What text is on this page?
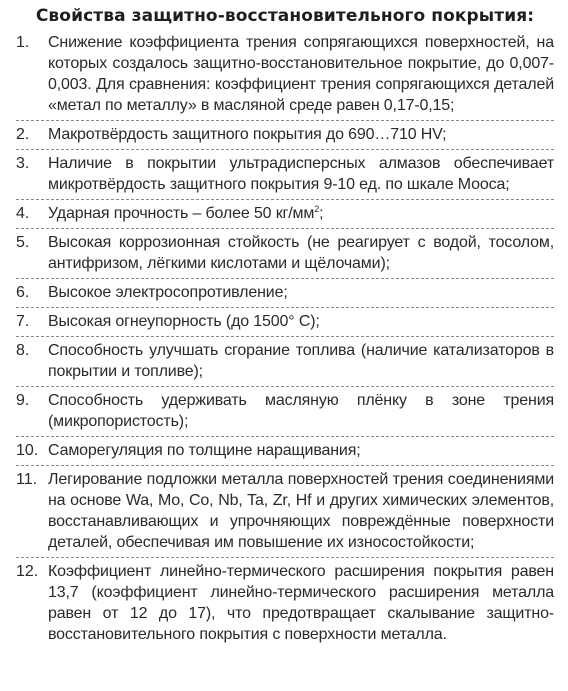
Свойства защитно-восстановительного покрытия:
1.	Снижение коэффициента трения сопрягающихся поверхностей, на которых создалось защитно-восстановительное покрытие, до 0,007-0,003. Для сравнения: коэффициент трения сопрягающихся деталей «метал по металлу» в масляной среде равен 0,17-0,15;
2.	Макротвёрдость защитного покрытия до 690…710 HV;
3.	Наличие в покрытии ультрадисперсных алмазов обеспечивает микротвёрдость защитного покрытия 9-10 ед. по шкале Мооса;
4.	Ударная прочность – более 50 $кг/мм^2$;
5.	Высокая коррозионная стойкость (не реагирует с водой, тосолом, антифризом, лёгкими кислотами и щёлочами);
6.	Высокое электросопротивление;
7.	Высокая огнеупорность (до 1500° С);
8.	Способность улучшать сгорание топлива (наличие катализаторов в покрытии и топливе);
9.	Способность удерживать масляную плёнку в зоне трения (микропористость);
10. Саморегуляция по толщине наращивания;
11. Легирование подложки металла поверхностей трения соединениями на основе Wa, Mo, Co, Nb, Ta, Zr, Hf и других химических элементов, восстанавливающих и упрочняющих повреждённые поверхности деталей, обеспечивая им повышение их износостойкости;
12. Коэффициент линейно-термического расширения покрытия равен 13,7 (коэффициент линейно-термического расширения металла равен от 12 до 17), что предотвращает скалывание защитно-восстановительного покрытия с поверхности металла.
